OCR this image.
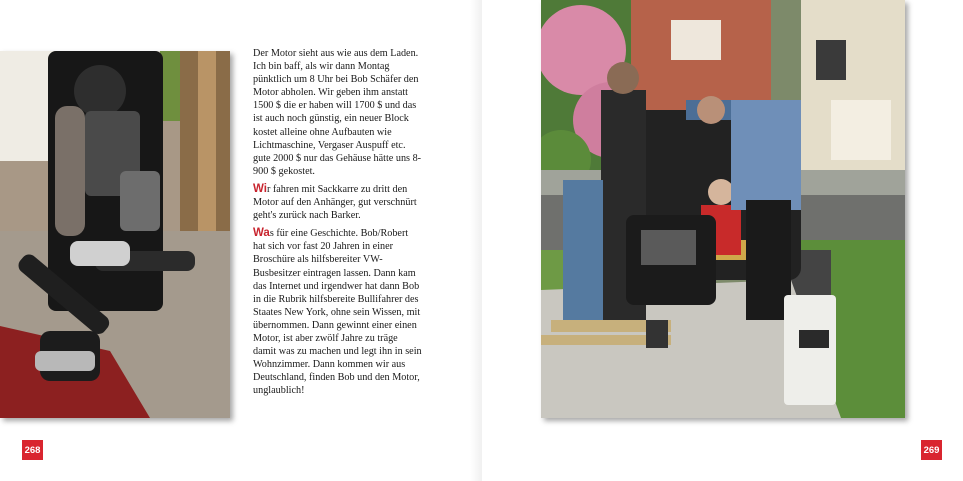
Der Motor sieht aus wie aus dem Laden. Ich bin baff, als wir dann Montag pünktlich um 8 Uhr bei Bob Schäfer den Motor abholen. Wir geben ihm anstatt 1500 $ die er haben will 1700 $ und das ist auch noch günstig, ein neuer Block kostet alleine ohne Aufbauten wie Lichtmaschine, Vergaser Auspuff etc. gute 2000 $ nur das Gehäuse hätte uns 8-900 $ gekostet.

Wir fahren mit Sackkarre zu dritt den Motor auf den Anhänger, gut verschnürt geht's zurück nach Barker.

Was für eine Geschichte. Bob/Robert hat sich vor fast 20 Jahren in einer Broschüre als hilfsbereiter VW-Busbesitzer eintragen lassen. Dann kam das Internet und irgendwer hat dann Bob in die Rubrik hilfsbereite Bullifahrer des Staates New York, ohne sein Wissen, mit übernommen. Dann gewinnt einer einen Motor, ist aber zwölf Jahre zu träge damit was zu machen und legt ihn in sein Wohnzimmer. Dann kommen wir aus Deutschland, finden Bob und den Motor, unglaublich!

268	269
